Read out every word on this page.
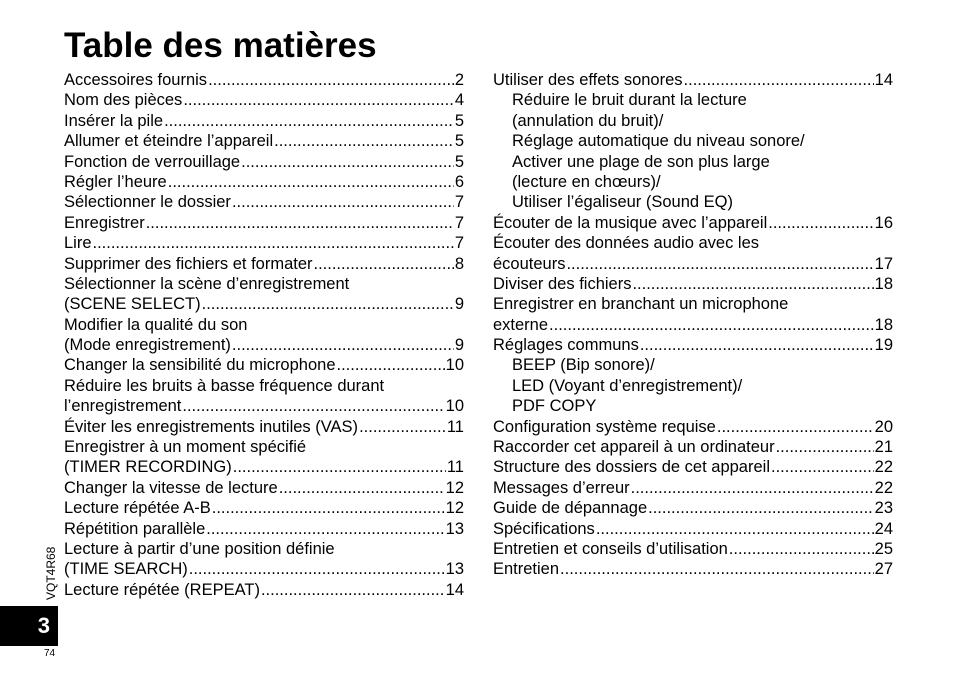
Table des matières
Accessoires fournis .....	2
Nom des pièces .....	4
Insérer la pile .....	5
Allumer et éteindre l’appareil .....	5
Fonction de verrouillage .....	5
Régler l’heure .....	6
Sélectionner le dossier .....	7
Enregistrer .....	7
Lire .....	7
Supprimer des fichiers et formater .....	8
Sélectionner la scène d’enregistrement
(SCENE SELECT) .....	9
Modifier la qualité du son
(Mode enregistrement) .....	9
Changer la sensibilité du microphone .....	10
Réduire les bruits à basse fréquence durant
l’enregistrement .....	10
Éviter les enregistrements inutiles (VAS) .....	11
Enregistrer à un moment spécifié
(TIMER RECORDING) .....	11
Changer la vitesse de lecture .....	12
Lecture répétée A-B .....	12
Répétition parallèle .....	13
Lecture à partir d’une position définie
(TIME SEARCH) .....	13
Lecture répétée (REPEAT) .....	14
Utiliser des effets sonores .....	14
Réduire le bruit durant la lecture
(annulation du bruit)/
Réglage automatique du niveau sonore/
Activer une plage de son plus large
(lecture en chœurs)/
Utiliser l’égaliseur (Sound EQ)
Écouter de la musique avec l’appareil .....	16
Écouter des données audio avec les
écouteurs .....	17
Diviser des fichiers .....	18
Enregistrer en branchant un microphone
externe .....	18
Réglages communs .....	19
BEEP (Bip sonore)/
LED (Voyant d’enregistrement)/
PDF COPY
Configuration système requise .....	20
Raccorder cet appareil à un ordinateur .....	21
Structure des dossiers de cet appareil .....	22
Messages d’erreur .....	22
Guide de dépannage .....	23
Spécifications .....	24
Entretien et conseils d’utilisation .....	25
Entretien .....	27
VQT4R68
3
74
